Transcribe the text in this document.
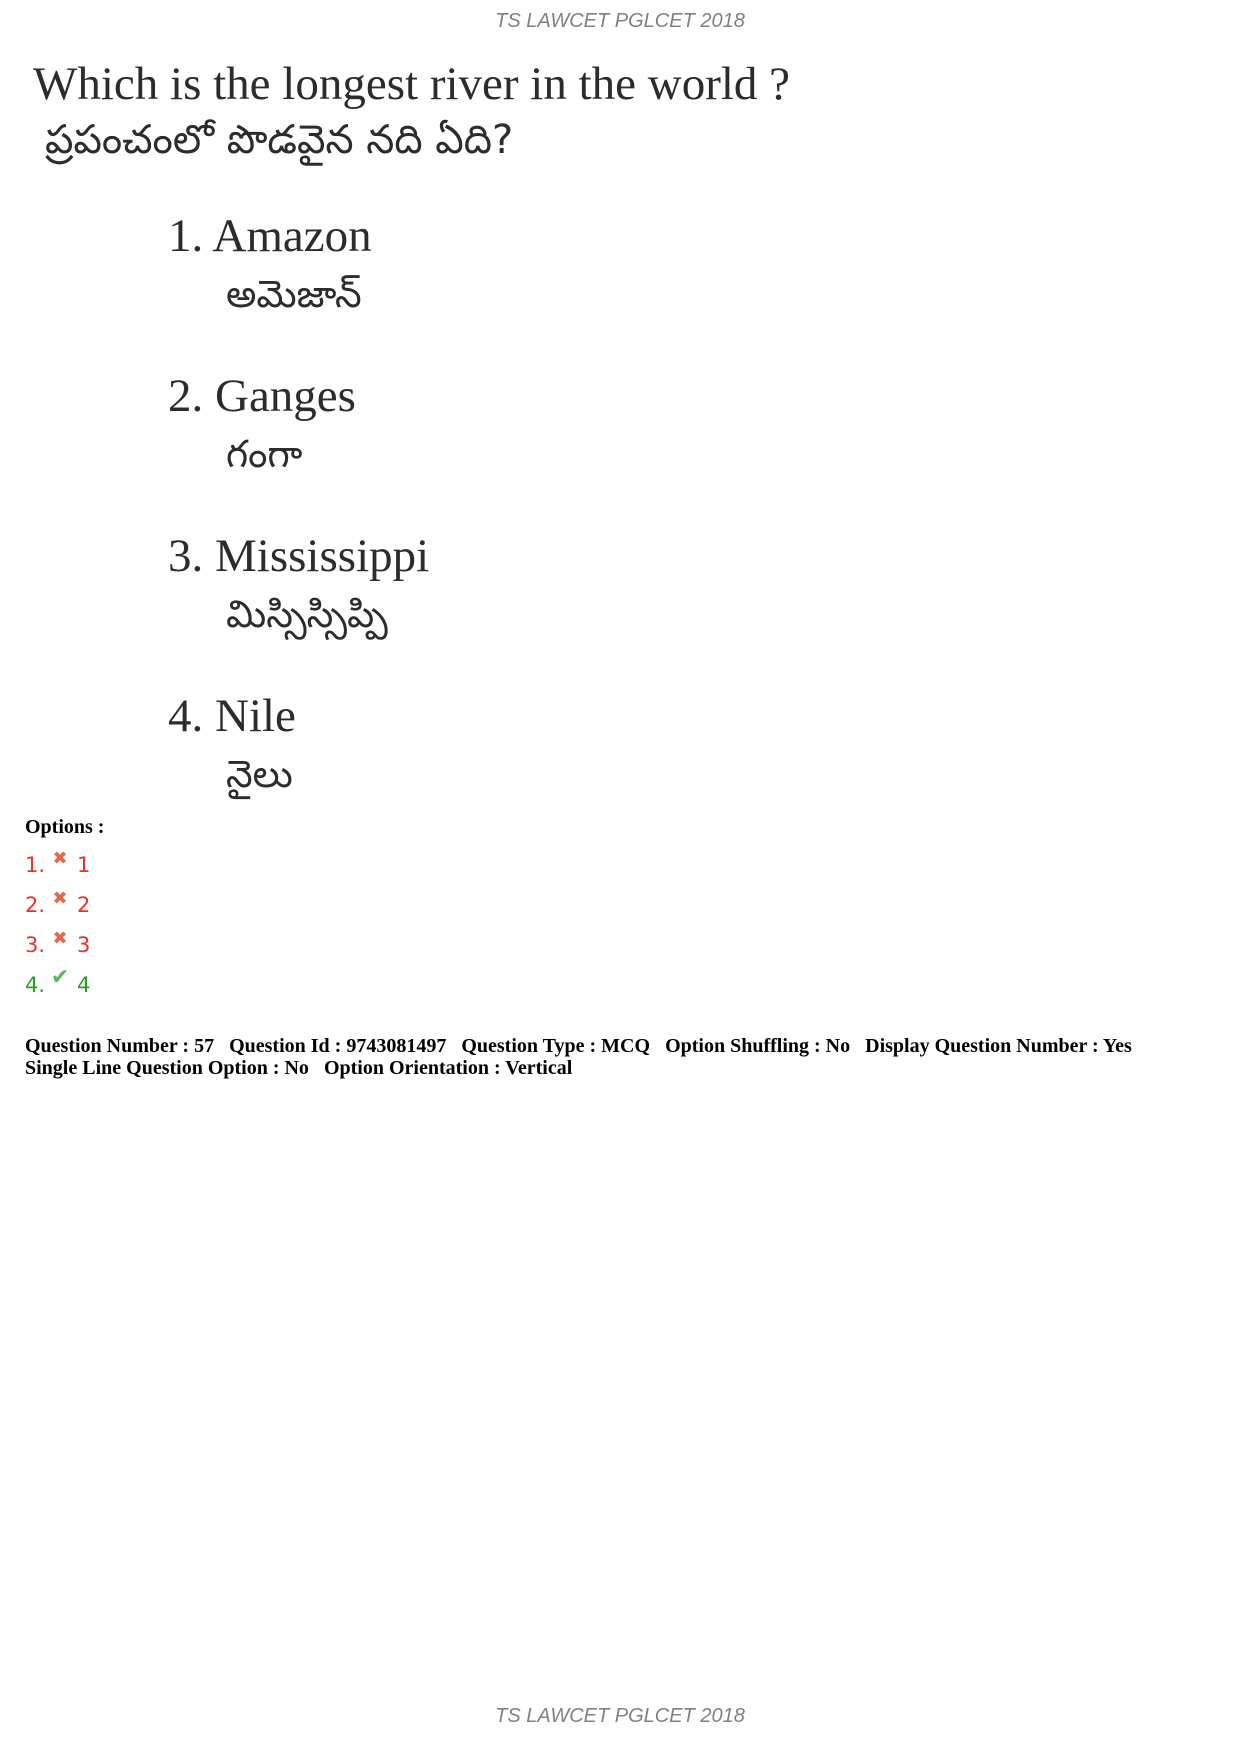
TS LAWCET PGLCET 2018
Which is the longest river in the world ?
ప్రపంచంలో పొడవైన నది ఏది?
1. Amazon
అమెజాన్
2. Ganges
గంగా
3. Mississippi
మిస్సిస్సిప్పి
4. Nile
నైలు
Options :
1. ✖ 1
2. ✖ 2
3. ✖ 3
4. ✔ 4
Question Number : 57 Question Id : 9743081497 Question Type : MCQ Option Shuffling : No Display Question Number : Yes
Single Line Question Option : No Option Orientation : Vertical
TS LAWCET PGLCET 2018
